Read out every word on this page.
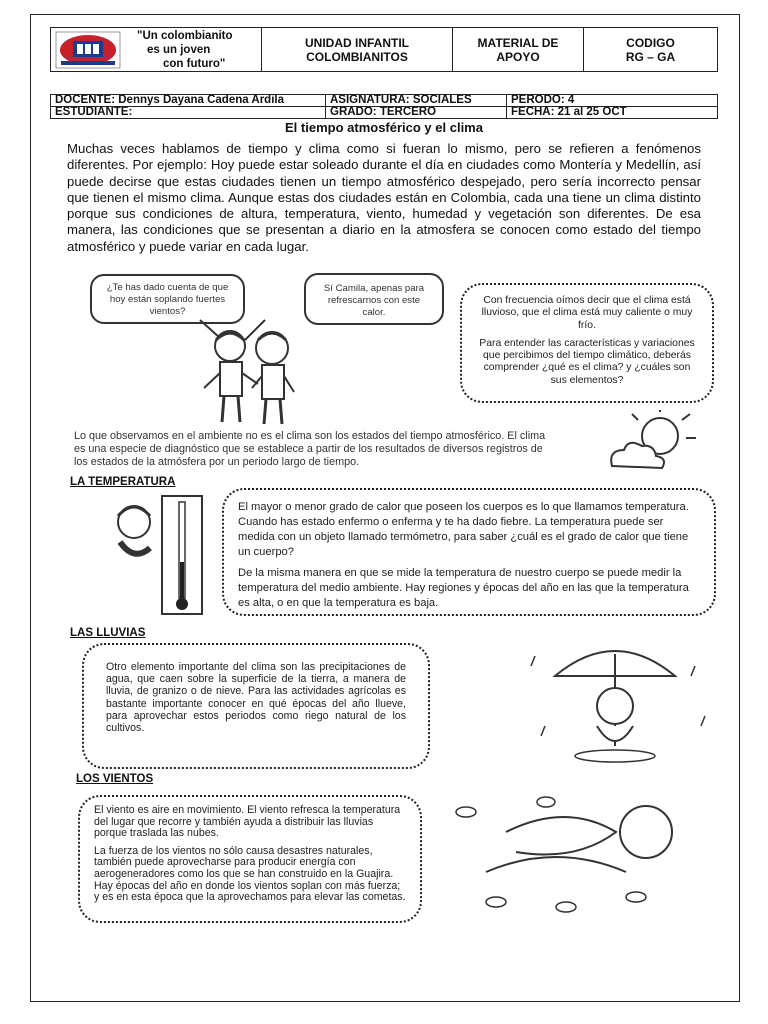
"Un colombianito
es un joven
con futuro"

UNIDAD INFANTIL
COLOMBIANITOS

MATERIAL DE
APOYO

CODIGO
RG – GA
DOCENTE: Dennys Dayana Cadena Ardila	ASIGNATURA: SOCIALES	PERODO: 4
ESTUDIANTE:	GRADO: TERCERO	FECHA: 21 al 25 OCT
El tiempo atmosférico y el clima
Muchas veces hablamos de tiempo y clima como si fueran lo mismo, pero se refieren a fenómenos diferentes. Por ejemplo: Hoy puede estar soleado durante el día en ciudades como Montería y Medellín, así puede decirse que estas ciudades tienen un tiempo atmosférico despejado, pero sería incorrecto pensar que tienen el mismo clima. Aunque estas dos ciudades están en Colombia, cada una tiene un clima distinto porque sus condiciones de altura, temperatura, viento, humedad y vegetación son diferentes. De esa manera, las condiciones que se presentan a diario en la atmosfera se conocen como estado del tiempo atmosférico y puede variar en cada lugar.
¿Te has dado cuenta de que hoy están soplando fuertes vientos?
Sí Camila, apenas para refrescarnos con este calor.

Con frecuencia oímos decir que el clima está lluvioso, que el clima está muy caliente o muy frío.

Para entender las características y variaciones que percibimos del tiempo climático, deberás comprender ¿qué es el clima? y ¿cuáles son sus elementos?

Lo que observamos en el ambiente no es el clima son los estados del tiempo atmosférico. El clima es una especie de diagnóstico que se establece a partir de los resultados de diversos registros de los estados de la atmósfera por un periodo largo de tiempo.
LA TEMPERATURA

El mayor o menor grado de calor que poseen los cuerpos es lo que llamamos temperatura. Cuando has estado enfermo o enferma y te ha dado fiebre. La temperatura puede ser medida con un objeto llamado termómetro, para saber ¿cuál es el grado de calor que tiene un cuerpo?

De la misma manera en que se mide la temperatura de nuestro cuerpo se puede medir la temperatura del medio ambiente. Hay regiones y épocas del año en las que la temperatura es alta, o en que la temperatura es baja.

LAS LLUVIAS

Otro elemento importante del clima son las precipitaciones de agua, que caen sobre la superficie de la tierra, a manera de lluvia, de granizo o de nieve. Para las actividades agrícolas es bastante importante conocer en qué épocas del año llueve, para aprovechar estos periodos como riego natural de los cultivos.

LOS VIENTOS

El viento es aire en movimiento. El viento refresca la temperatura del lugar que recorre y también ayuda a distribuir las lluvias porque traslada las nubes.

La fuerza de los vientos no sólo causa desastres naturales, también puede aprovecharse para producir energía con aerogeneradores como los que se han construido en la Guajira. Hay épocas del año en donde los vientos soplan con más fuerza; y es en esta época que la aprovechamos para elevar las cometas.
